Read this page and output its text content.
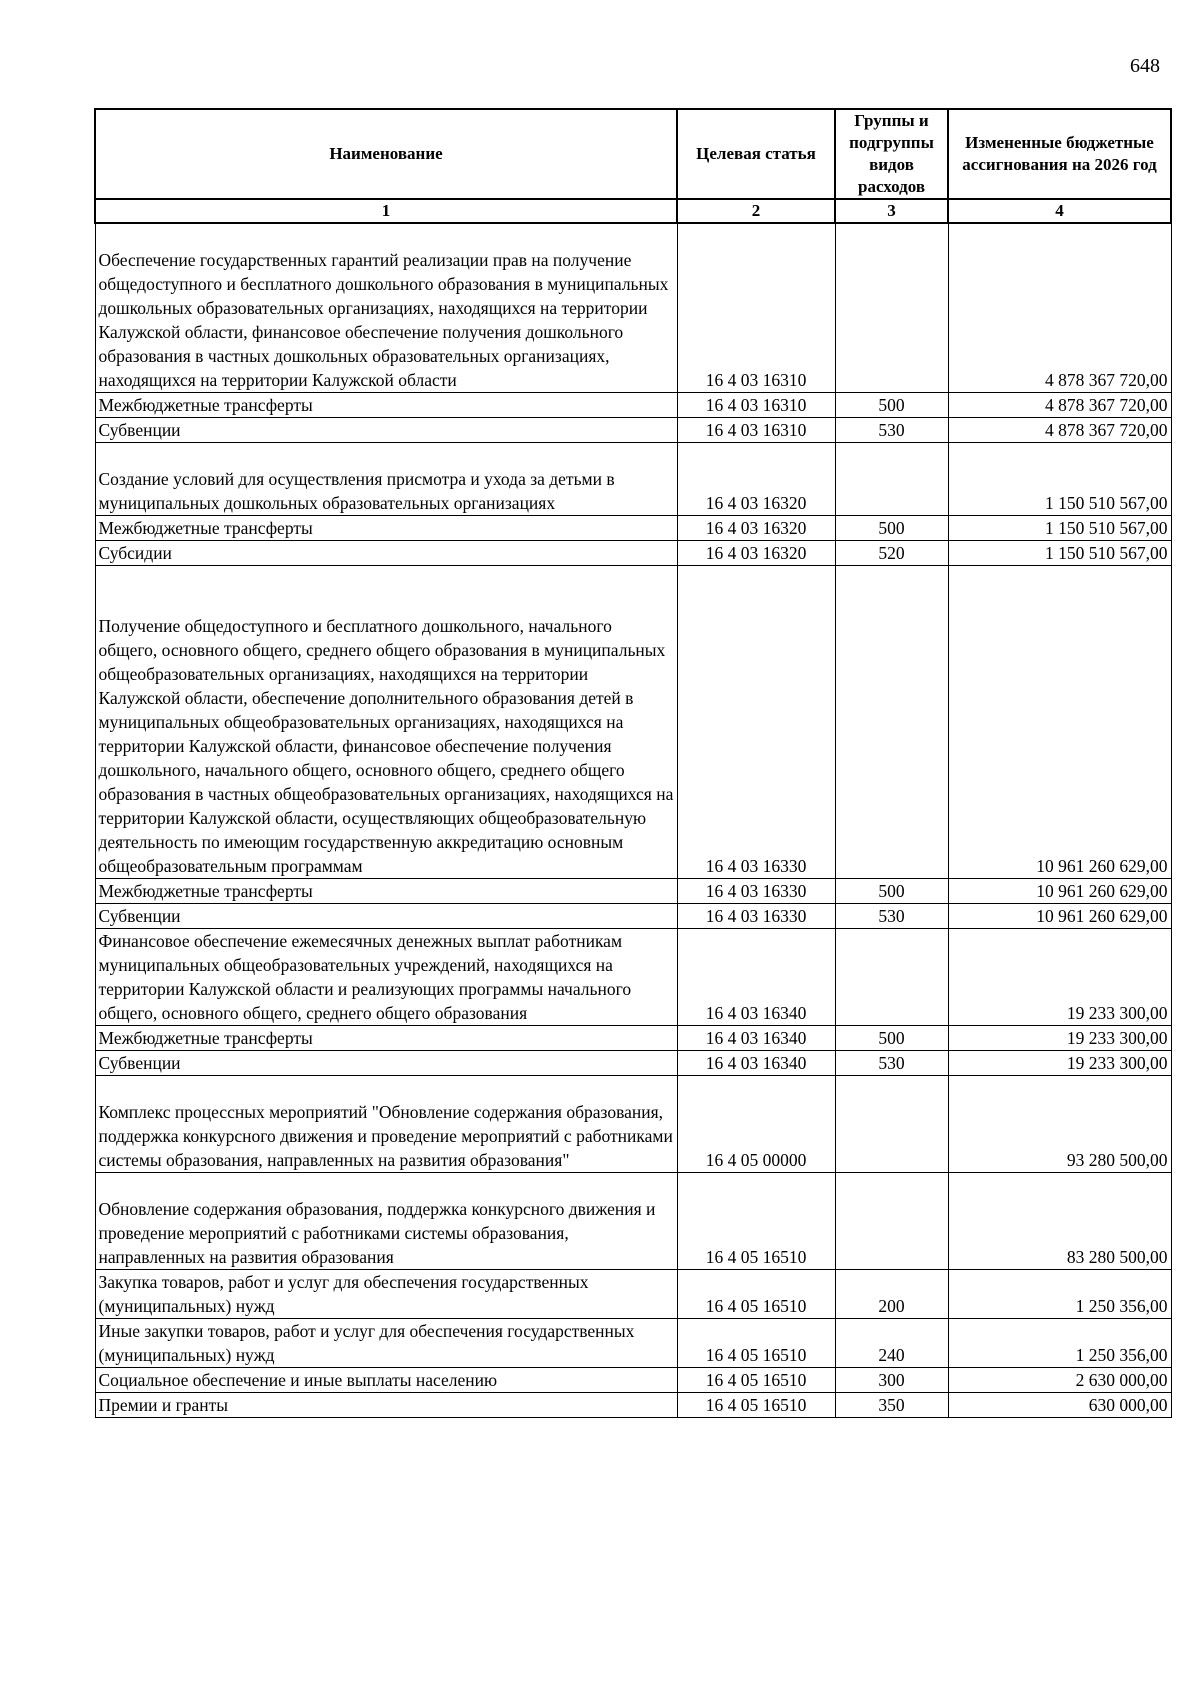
648
Наименование	Целевая статья	Группы и подгруппы видов расходов	Измененные бюджетные ассигнования на 2026 год
1	2	3	4

Обеспечение государственных гарантий реализации прав на получение общедоступного и бесплатного дошкольного образования в муниципальных дошкольных образовательных организациях, находящихся на территории Калужской области, финансовое обеспечение получения дошкольного образования в частных дошкольных образовательных организациях, находящихся на территории Калужской области	16 4 03 16310		4 878 367 720,00
Межбюджетные трансферты	16 4 03 16310	500	4 878 367 720,00
Субвенции	16 4 03 16310	530	4 878 367 720,00

Создание условий для осуществления присмотра и ухода за детьми в муниципальных дошкольных образовательных организациях	16 4 03 16320		1 150 510 567,00
Межбюджетные трансферты	16 4 03 16320	500	1 150 510 567,00
Субсидии	16 4 03 16320	520	1 150 510 567,00

Получение общедоступного и бесплатного дошкольного, начального общего, основного общего, среднего общего образования в муниципальных общеобразовательных организациях, находящихся на территории Калужской области, обеспечение дополнительного образования детей в муниципальных общеобразовательных организациях, находящихся на территории Калужской области, финансовое обеспечение получения дошкольного, начального общего, основного общего, среднего общего образования в частных общеобразовательных организациях, находящихся на территории Калужской области, осуществляющих общеобразовательную деятельность по имеющим государственную аккредитацию основным общеобразовательным программам	16 4 03 16330		10 961 260 629,00
Межбюджетные трансферты	16 4 03 16330	500	10 961 260 629,00
Субвенции	16 4 03 16330	530	10 961 260 629,00
Финансовое обеспечение ежемесячных денежных выплат работникам муниципальных общеобразовательных учреждений, находящихся на территории Калужской области и реализующих программы начального общего, основного общего, среднего общего образования	16 4 03 16340		19 233 300,00
Межбюджетные трансферты	16 4 03 16340	500	19 233 300,00
Субвенции	16 4 03 16340	530	19 233 300,00

Комплекс процессных мероприятий "Обновление содержания образования, поддержка конкурсного движения и проведение мероприятий с работниками системы образования, направленных на развития образования"	16 4 05 00000		93 280 500,00

Обновление содержания образования, поддержка конкурсного движения и проведение мероприятий с работниками системы образования, направленных на развития образования	16 4 05 16510		83 280 500,00
Закупка товаров, работ и услуг для обеспечения государственных (муниципальных) нужд	16 4 05 16510	200	1 250 356,00
Иные закупки товаров, работ и услуг для обеспечения государственных (муниципальных) нужд	16 4 05 16510	240	1 250 356,00
Социальное обеспечение и иные выплаты населению	16 4 05 16510	300	2 630 000,00
Премии и гранты	16 4 05 16510	350	630 000,00
